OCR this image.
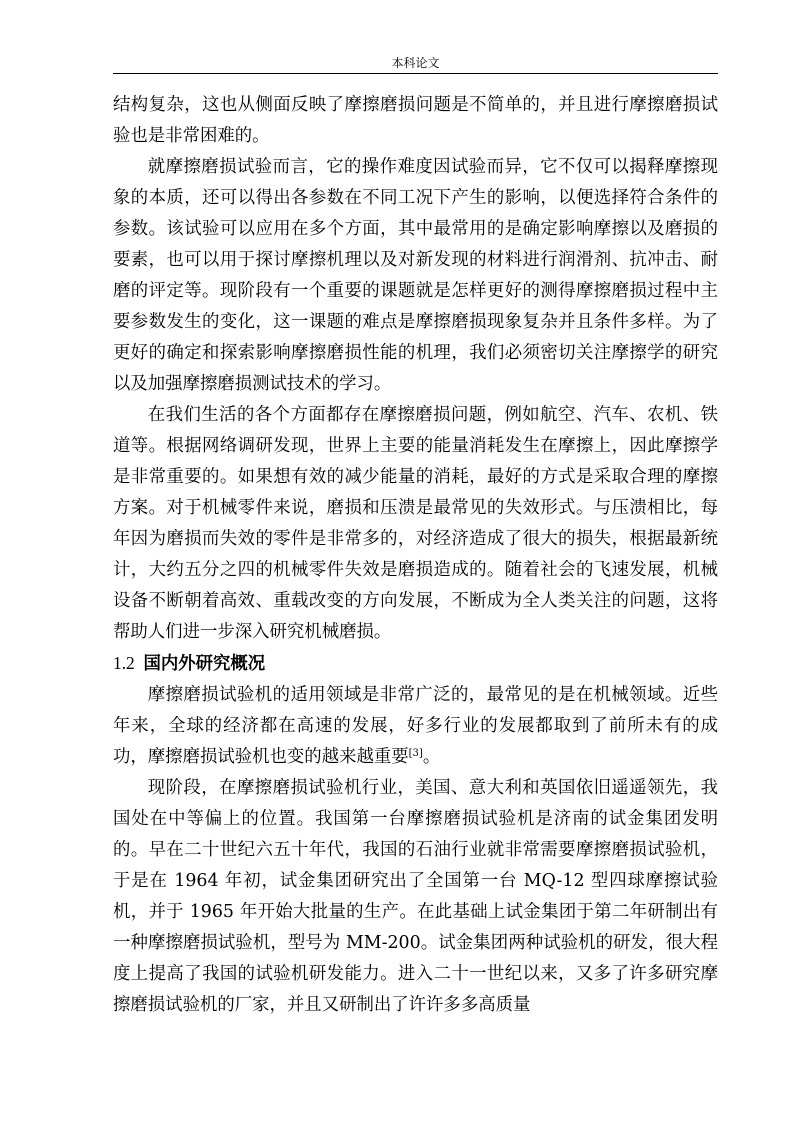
本科论文

结构复杂，这也从侧面反映了摩擦磨损问题是不简单的，并且进行摩擦磨损试验也是非常困难的。

就摩擦磨损试验而言，它的操作难度因试验而异，它不仅可以揭释摩擦现象的本质，还可以得出各参数在不同工况下产生的影响，以便选择符合条件的参数。该试验可以应用在多个方面，其中最常用的是确定影响摩擦以及磨损的要素，也可以用于探讨摩擦机理以及对新发现的材料进行润滑剂、抗冲击、耐磨的评定等。现阶段有一个重要的课题就是怎样更好的测得摩擦磨损过程中主要参数发生的变化，这一课题的难点是摩擦磨损现象复杂并且条件多样。为了更好的确定和探索影响摩擦磨损性能的机理，我们必须密切关注摩擦学的研究以及加强摩擦磨损测试技术的学习。

在我们生活的各个方面都存在摩擦磨损问题，例如航空、汽车、农机、铁道等。根据网络调研发现，世界上主要的能量消耗发生在摩擦上，因此摩擦学是非常重要的。如果想有效的减少能量的消耗，最好的方式是采取合理的摩擦方案。对于机械零件来说，磨损和压溃是最常见的失效形式。与压溃相比，每年因为磨损而失效的零件是非常多的，对经济造成了很大的损失，根据最新统计，大约五分之四的机械零件失效是磨损造成的。随着社会的飞速发展，机械设备不断朝着高效、重载改变的方向发展，不断成为全人类关注的问题，这将帮助人们进一步深入研究机械磨损。

1.2 国内外研究概况

摩擦磨损试验机的适用领域是非常广泛的，最常见的是在机械领域。近些年来，全球的经济都在高速的发展，好多行业的发展都取到了前所未有的成功，摩擦磨损试验机也变的越来越重要[3]。

现阶段，在摩擦磨损试验机行业，美国、意大利和英国依旧遥遥领先，我国处在中等偏上的位置。我国第一台摩擦磨损试验机是济南的试金集团发明的。早在二十世纪六五十年代，我国的石油行业就非常需要摩擦磨损试验机，于是在 1964 年初，试金集团研究出了全国第一台 MQ-12 型四球摩擦试验机，并于 1965 年开始大批量的生产。在此基础上试金集团于第二年研制出有一种摩擦磨损试验机，型号为 MM-200。试金集团两种试验机的研发，很大程度上提高了我国的试验机研发能力。进入二十一世纪以来，又多了许多研究摩擦磨损试验机的厂家，并且又研制出了许许多多高质量
